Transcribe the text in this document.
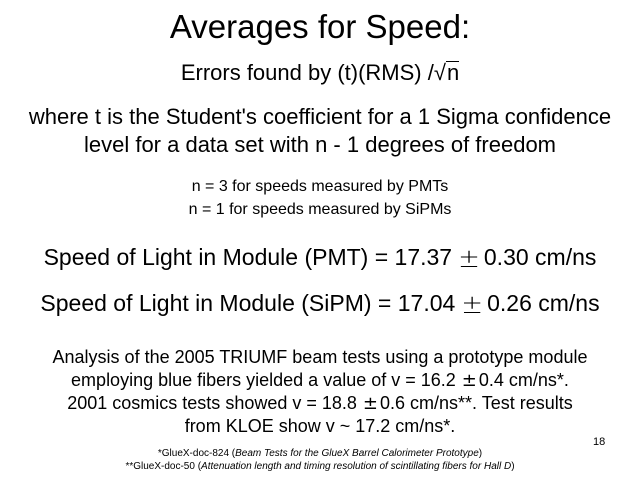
Averages for Speed:
Errors found by (t)(RMS) /√n
where t is the Student's coefficient for a 1 Sigma confidence
level for a data set with n - 1 degrees of freedom
n = 3 for speeds measured by PMTs
n = 1 for speeds measured by SiPMs
Speed of Light in Module (PMT) = 17.37 ± 0.30 cm/ns
Speed of Light in Module (SiPM) = 17.04 ± 0.26 cm/ns
Analysis of the 2005 TRIUMF beam tests using a prototype module
employing blue fibers yielded a value of v = 16.2 ± 0.4 cm/ns*.
2001 cosmics tests showed v = 18.8 ± 0.6 cm/ns**. Test results
from KLOE show v ~ 17.2 cm/ns*.
18
*GlueX-doc-824 (Beam Tests for the GlueX Barrel Calorimeter Prototype)
**GlueX-doc-50 (Attenuation length and timing resolution of scintillating fibers for Hall D)
